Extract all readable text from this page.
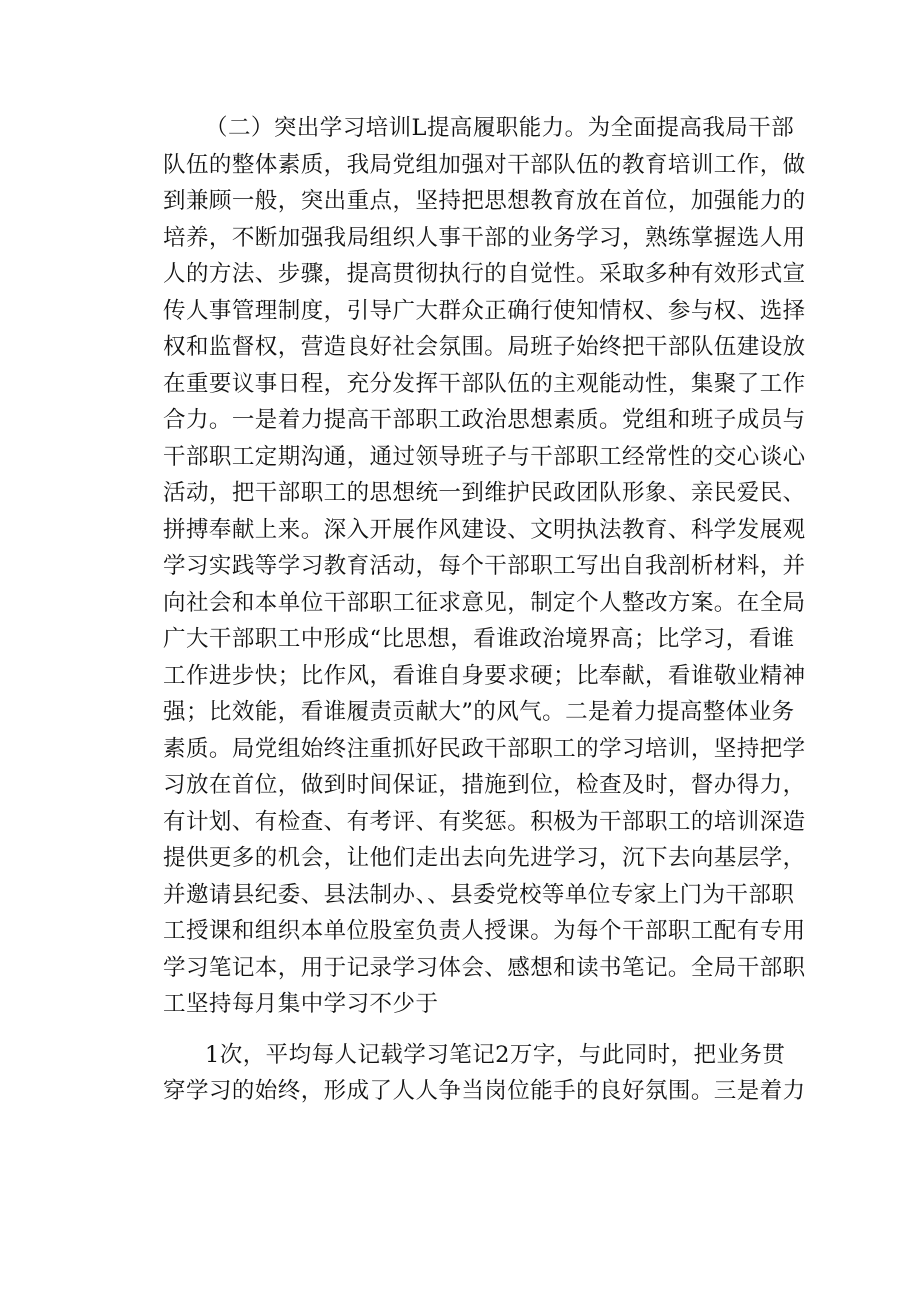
（二）突出学习培训L提高履职能力。为全面提高我局干部
队伍的整体素质，我局党组加强对干部队伍的教育培训工作，做
到兼顾一般，突出重点，坚持把思想教育放在首位，加强能力的
培养，不断加强我局组织人事干部的业务学习，熟练掌握选人用
人的方法、步骤，提高贯彻执行的自觉性。采取多种有效形式宣
传人事管理制度，引导广大群众正确行使知情权、参与权、选择
权和监督权，营造良好社会氛围。局班子始终把干部队伍建设放
在重要议事日程，充分发挥干部队伍的主观能动性，集聚了工作
合力。一是着力提高干部职工政治思想素质。党组和班子成员与
干部职工定期沟通，通过领导班子与干部职工经常性的交心谈心
活动，把干部职工的思想统一到维护民政团队形象、亲民爱民、
拼搏奉献上来。深入开展作风建设、文明执法教育、科学发展观
学习实践等学习教育活动，每个干部职工写出自我剖析材料，并
向社会和本单位干部职工征求意见，制定个人整改方案。在全局
广大干部职工中形成“比思想，看谁政治境界高；比学习，看谁
工作进步快；比作风，看谁自身要求硬；比奉献，看谁敬业精神
强；比效能，看谁履责贡献大”的风气。二是着力提高整体业务
素质。局党组始终注重抓好民政干部职工的学习培训，坚持把学
习放在首位，做到时间保证，措施到位，检查及时，督办得力，
有计划、有检查、有考评、有奖惩。积极为干部职工的培训深造
提供更多的机会，让他们走出去向先进学习，沉下去向基层学，
并邀请县纪委、县法制办、、县委党校等单位专家上门为干部职
工授课和组织本单位股室负责人授课。为每个干部职工配有专用
学习笔记本，用于记录学习体会、感想和读书笔记。全局干部职
工坚持每月集中学习不少于
1次，平均每人记载学习笔记2万字，与此同时，把业务贯
穿学习的始终，形成了人人争当岗位能手的良好氛围。三是着力
